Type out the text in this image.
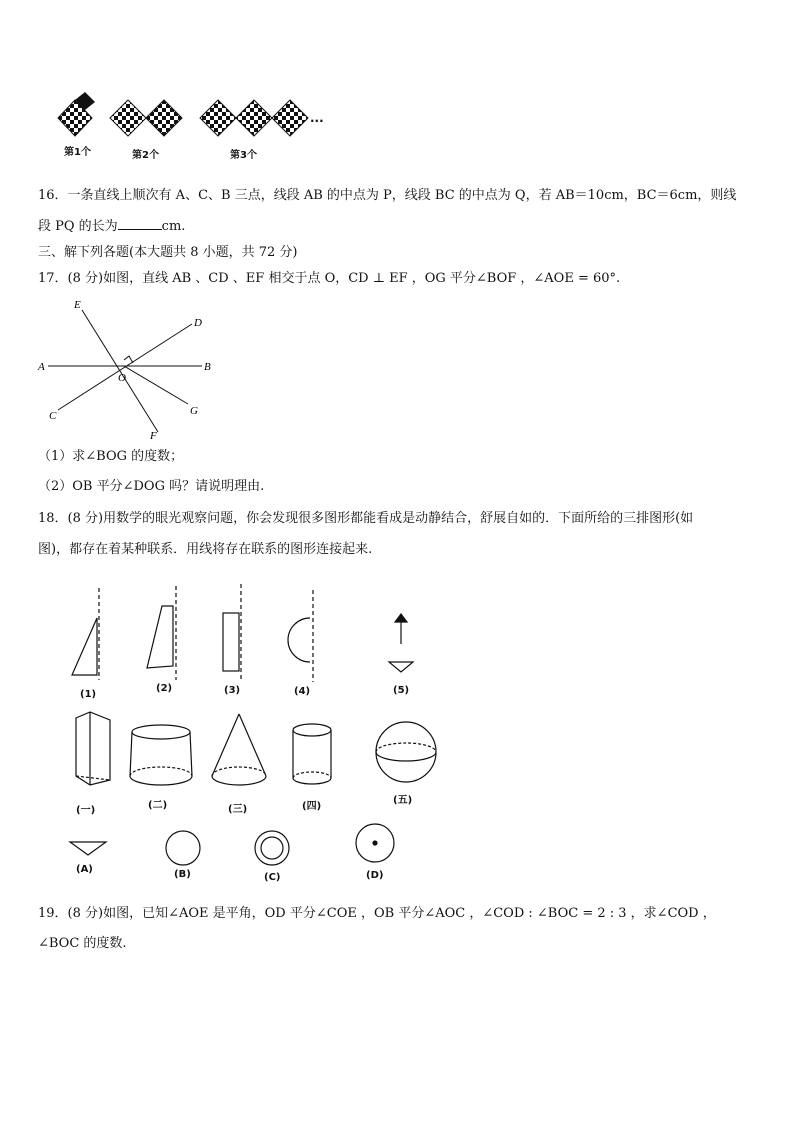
第1个	第2个	第3个
···
16．一条直线上顺次有 A、C、B 三点，线段 AB 的中点为 P，线段 BC 的中点为 Q，若 AB＝10cm，BC＝6cm，则线
段 PQ 的长为	cm.
三、解下列各题(本大题共 8 小题，共 72 分)
17．(8 分)如图，直线 AB 、CD 、EF 相交于点 O，CD ⊥ EF ，OG 平分∠BOF ，∠AOE = 60°.
E
D
A
O
B
C	G
F
（1）求∠BOG 的度数；
（2）OB 平分∠DOG 吗？请说明理由.
18．(8 分)用数学的眼光观察问题，你会发现很多图形都能看成是动静结合，舒展自如的．下面所给的三排图形(如
图)，都存在着某种联系．用线将存在联系的图形连接起来.
(1)
(2)	(3)	(4)	(5)
(一)	(二)	(三)	(四)
(五)
(A)	(B)	(C)	(D)
19．(8 分)如图，已知∠AOE 是平角，OD 平分∠COE ，OB 平分∠AOC ，∠COD : ∠BOC = 2 : 3 ，求∠COD ，
∠BOC 的度数.
